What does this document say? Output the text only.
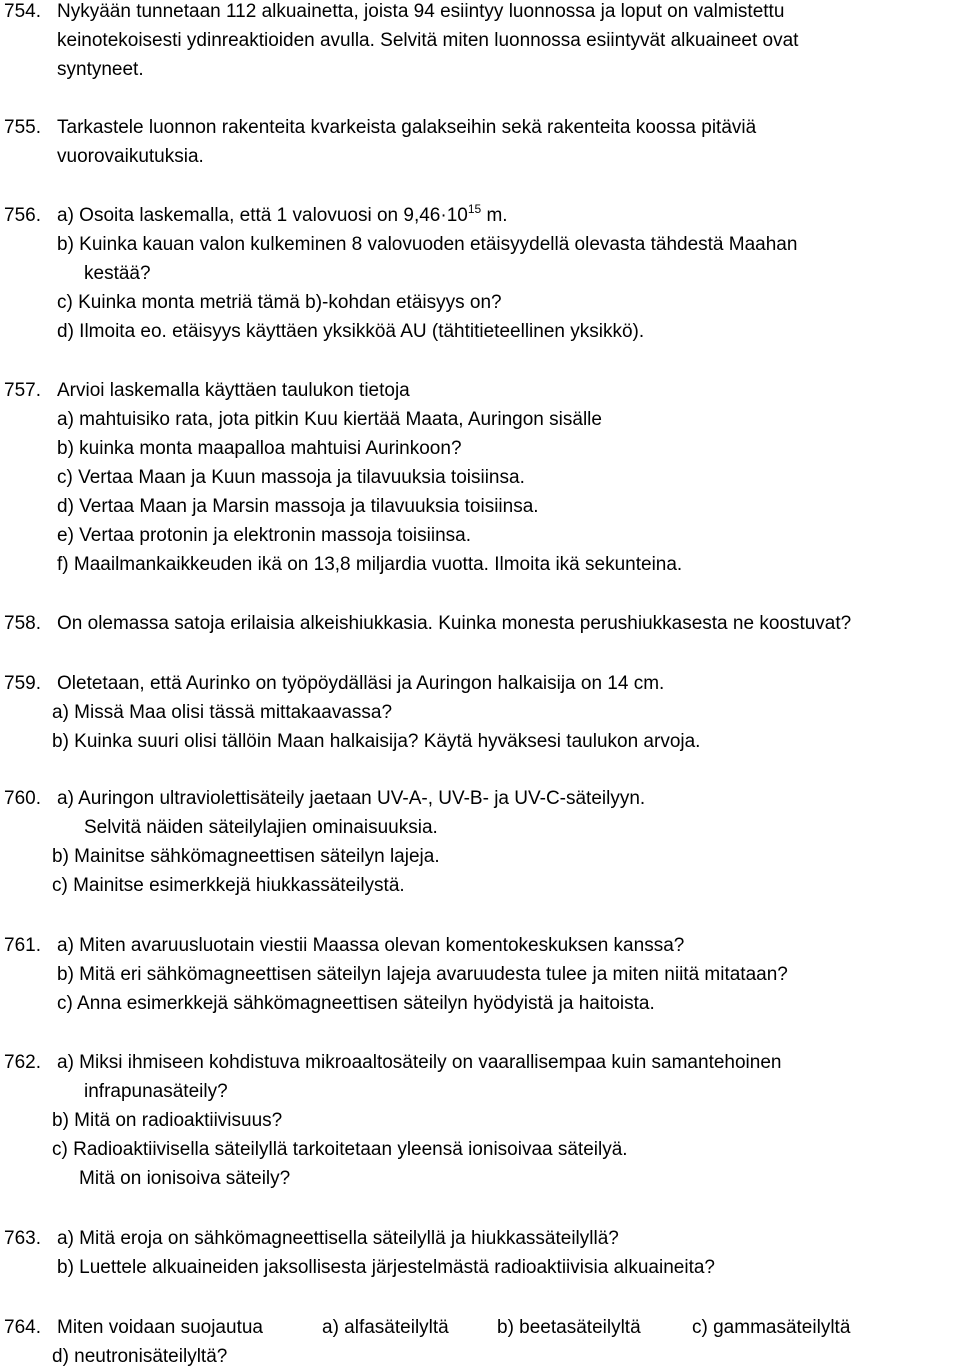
754. Nykyään tunnetaan 112 alkuainetta, joista 94 esiintyy luonnossa ja loput on valmistettu
keinotekoisesti ydinreaktioiden avulla. Selvitä miten luonnossa esiintyvät alkuaineet ovat
syntyneet.
755. Tarkastele luonnon rakenteita kvarkeista galakseihin sekä rakenteita koossa pitäviä
vuorovaikutuksia.
756. a) Osoita laskemalla, että 1 valovuosi on $9,46\cdot 10^{15}$ m.
b) Kuinka kauan valon kulkeminen 8 valovuoden etäisyydellä olevasta tähdestä Maahan
kestää?
c) Kuinka monta metriä tämä b)-kohdan etäisyys on?
d) Ilmoita eo. etäisyys käyttäen yksikköä AU (tähtitieteellinen yksikkö).
757. Arvioi laskemalla käyttäen taulukon tietoja
a) mahtuisiko rata, jota pitkin Kuu kiertää Maata, Auringon sisälle
b) kuinka monta maapalloa mahtuisi Aurinkoon?
c) Vertaa Maan ja Kuun massoja ja tilavuuksia toisiinsa.
d) Vertaa Maan ja Marsin massoja ja tilavuuksia toisiinsa.
e) Vertaa protonin ja elektronin massoja toisiinsa.
f) Maailmankaikkeuden ikä on 13,8 miljardia vuotta. Ilmoita ikä sekunteina.
758. On olemassa satoja erilaisia alkeishiukkasia. Kuinka monesta perushiukkasesta ne koostuvat?
759. Oletetaan, että Aurinko on työpöydälläsi ja Auringon halkaisija on 14 cm.
a) Missä Maa olisi tässä mittakaavassa?
b) Kuinka suuri olisi tällöin Maan halkaisija? Käytä hyväksesi taulukon arvoja.
760. a) Auringon ultraviolettisäteily jaetaan UV-A-, UV-B- ja UV-C-säteilyyn.
Selvitä näiden säteilylajien ominaisuuksia.
b) Mainitse sähkömagneettisen säteilyn lajeja.
c) Mainitse esimerkkejä hiukkassäteilystä.
761. a) Miten avaruusluotain viestii Maassa olevan komentokeskuksen kanssa?
b) Mitä eri sähkömagneettisen säteilyn lajeja avaruudesta tulee ja miten niitä mitataan?
c) Anna esimerkkejä sähkömagneettisen säteilyn hyödyistä ja haitoista.
762. a) Miksi ihmiseen kohdistuva mikroaaltosäteily on vaarallisempaa kuin samantehoinen
infrapunasäteily?
b) Mitä on radioaktiivisuus?
c) Radioaktiivisella säteilyllä tarkoitetaan yleensä ionisoivaa säteilyä.
Mitä on ionisoiva säteily?
763. a) Mitä eroja on sähkömagneettisella säteilyllä ja hiukkassäteilyllä?
b) Luettele alkuaineiden jaksollisesta järjestelmästä radioaktiivisia alkuaineita?
764. Miten voidaan suojautua	a) alfasäteilyltä	b) beetasäteilyltä	c) gammasäteilyltä
d) neutronisäteilyltä?
